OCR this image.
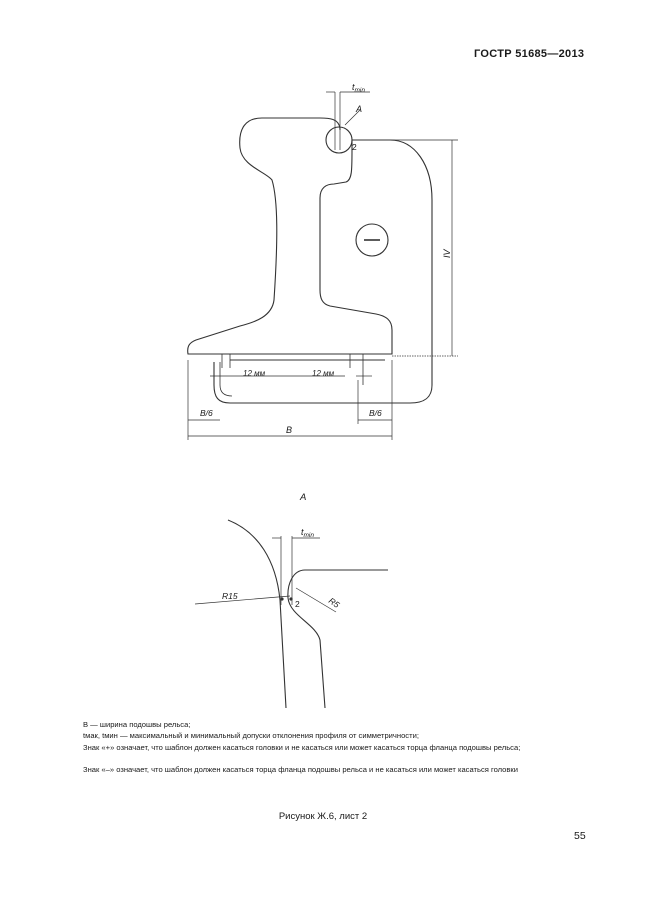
ГОСТР 51685—2013
$t_{min}$
A
2
IV
12 мм	12 мм
B/6	B/6
B
A
$t_{min}$
R15	R5
2
B — ширина подошвы рельса;
tмак, tмин — максимальный и минимальный допуски отклонения профиля от симметричности;
Знак «+» означает, что шаблон должен касаться головки и не касаться или может касаться торца фланца подошвы рельса;
Знак «–» означает, что шаблон должен касаться торца фланца подошвы рельса и не касаться или может касаться головки
Рисунок Ж.6, лист 2
55
